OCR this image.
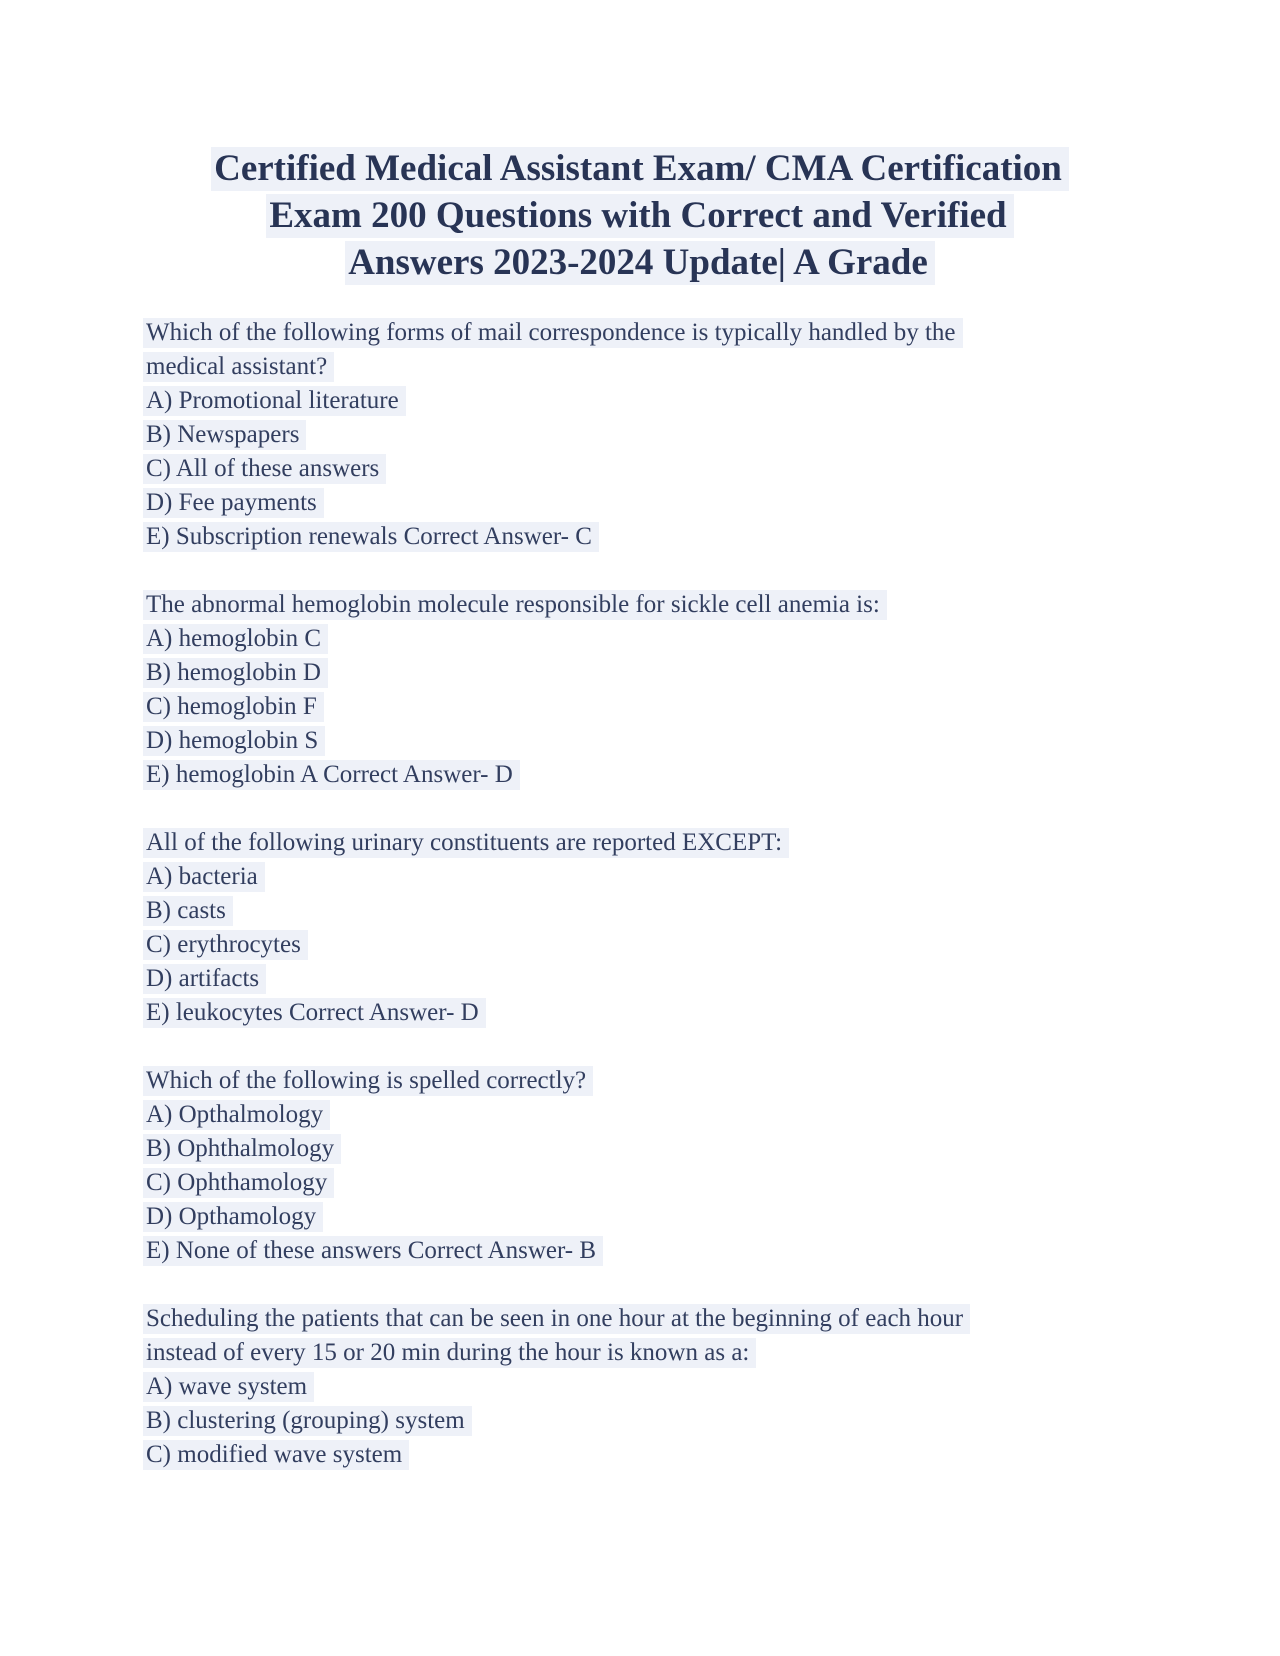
Certified Medical Assistant Exam/ CMA Certification
Exam 200 Questions with Correct and Verified
Answers 2023-2024 Update| A Grade
Which of the following forms of mail correspondence is typically handled by the
medical assistant?
A) Promotional literature
B) Newspapers
C) All of these answers
D) Fee payments
E) Subscription renewals Correct Answer- C
The abnormal hemoglobin molecule responsible for sickle cell anemia is:
A) hemoglobin C
B) hemoglobin D
C) hemoglobin F
D) hemoglobin S
E) hemoglobin A Correct Answer- D
All of the following urinary constituents are reported EXCEPT:
A) bacteria
B) casts
C) erythrocytes
D) artifacts
E) leukocytes Correct Answer- D
Which of the following is spelled correctly?
A) Opthalmology
B) Ophthalmology
C) Ophthamology
D) Opthamology
E) None of these answers Correct Answer- B
Scheduling the patients that can be seen in one hour at the beginning of each hour
instead of every 15 or 20 min during the hour is known as a:
A) wave system
B) clustering (grouping) system
C) modified wave system
